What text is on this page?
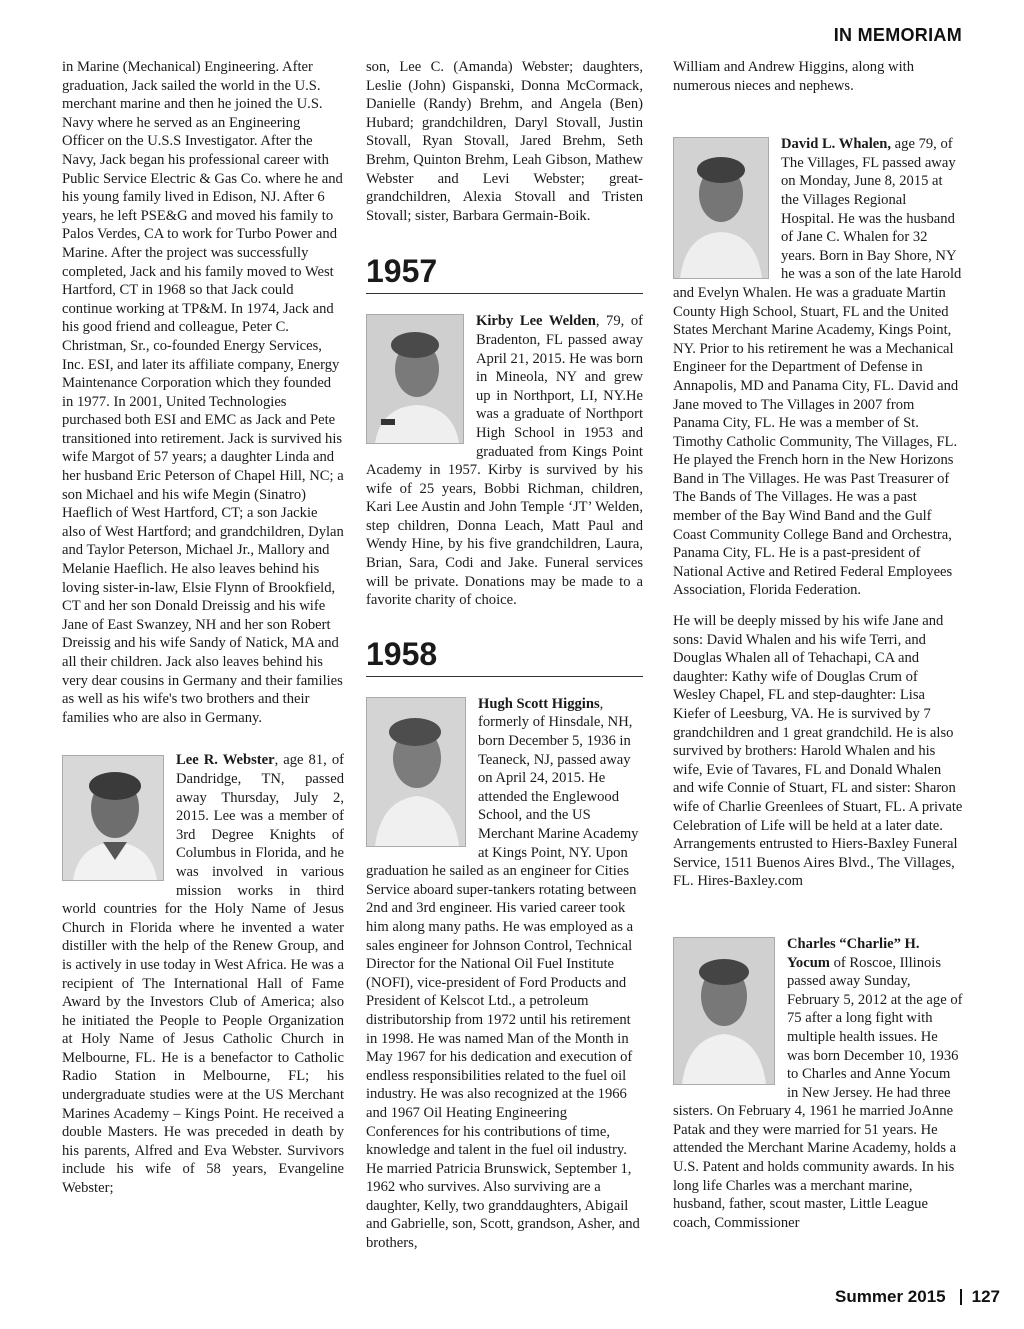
IN MEMORIAM

in Marine (Mechanical) Engineering. After graduation, Jack sailed the world in the U.S. merchant marine and then he joined the U.S. Navy where he served as an Engineering Officer on the U.S.S Investigator. After the Navy, Jack began his professional career with Public Service Electric & Gas Co. where he and his young family lived in Edison, NJ. After 6 years, he left PSE&G and moved his family to Palos Verdes, CA to work for Turbo Power and Marine. After the project was successfully completed, Jack and his family moved to West Hartford, CT in 1968 so that Jack could continue working at TP&M. In 1974, Jack and his good friend and colleague, Peter C. Christman, Sr., co-founded Energy Services, Inc. ESI, and later its affiliate company, Energy Maintenance Corporation which they founded in 1977. In 2001, United Technologies purchased both ESI and EMC as Jack and Pete transitioned into retirement. Jack is survived his wife Margot of 57 years; a daughter Linda and her husband Eric Peterson of Chapel Hill, NC; a son Michael and his wife Megin (Sinatro) Haeflich of West Hartford, CT; a son Jackie also of West Hartford; and grandchildren, Dylan and Taylor Peterson, Michael Jr., Mallory and Melanie Haeflich. He also leaves behind his loving sister-in-law, Elsie Flynn of Brookfield, CT and her son Donald Dreissig and his wife Jane of East Swanzey, NH and her son Robert Dreissig and his wife Sandy of Natick, MA and all their children. Jack also leaves behind his very dear cousins in Germany and their families as well as his wife's two brothers and their families who are also in Germany.

Lee R. Webster, age 81, of Dandridge, TN, passed away Thursday, July 2, 2015. Lee was a member of 3rd Degree Knights of Columbus in Florida, and he was involved in various mission works in third world countries for the Holy Name of Jesus Church in Florida where he invented a water distiller with the help of the Renew Group, and is actively in use today in West Africa. He was a recipient of The International Hall of Fame Award by the Investors Club of America; also he initiated the People to People Organization at Holy Name of Jesus Catholic Church in Melbourne, FL. He is a benefactor to Catholic Radio Station in Melbourne, FL; his undergraduate studies were at the US Merchant Marines Academy – Kings Point. He received a double Masters. He was preceded in death by his parents, Alfred and Eva Webster. Survivors include his wife of 58 years, Evangeline Webster;

son, Lee C. (Amanda) Webster; daughters, Leslie (John) Gispanski, Donna McCormack, Danielle (Randy) Brehm, and Angela (Ben) Hubard; grandchildren, Daryl Stovall, Justin Stovall, Ryan Stovall, Jared Brehm, Seth Brehm, Quinton Brehm, Leah Gibson, Mathew Webster and Levi Webster; great-grandchildren, Alexia Stovall and Tristen Stovall; sister, Barbara Germain-Boik.

1957
Kirby Lee Welden, 79, of Bradenton, FL passed away April 21, 2015. He was born in Mineola, NY and grew up in Northport, LI, NY.He was a graduate of Northport High School in 1953 and graduated from Kings Point Academy in 1957. Kirby is survived by his wife of 25 years, Bobbi Richman, children, Kari Lee Austin and John Temple ‘JT’ Welden, step children, Donna Leach, Matt Paul and Wendy Hine, by his five grandchildren, Laura, Brian, Sara, Codi and Jake. Funeral services will be private. Donations may be made to a favorite charity of choice.
1958
Hugh Scott Higgins, formerly of Hinsdale, NH, born December 5, 1936 in Teaneck, NJ, passed away on April 24, 2015. He attended the Englewood School, and the US Merchant Marine Academy at Kings Point, NY. Upon graduation he sailed as an engineer for Cities Service aboard super-tankers rotating between 2nd and 3rd engineer. His varied career took him along many paths. He was employed as a sales engineer for Johnson Control, Technical Director for the National Oil Fuel Institute (NOFI), vice-president of Ford Products and President of Kelscot Ltd., a petroleum distributorship from 1972 until his retirement in 1998. He was named Man of the Month in May 1967 for his dedication and execution of endless responsibilities related to the fuel oil industry. He was also recognized at the 1966 and 1967 Oil Heating Engineering Conferences for his contributions of time, knowledge and talent in the fuel oil industry. He married Patricia Brunswick, September 1, 1962 who survives. Also surviving are a daughter, Kelly, two granddaughters, Abigail and Gabrielle, son, Scott, grandson, Asher, and brothers,

William and Andrew Higgins, along with numerous nieces and nephews.

David L. Whalen, age 79, of The Villages, FL passed away on Monday, June 8, 2015 at the Villages Regional Hospital. He was the husband of Jane C. Whalen for 32 years. Born in Bay Shore, NY he was a son of the late Harold and Evelyn Whalen. He was a graduate Martin County High School, Stuart, FL and the United States Merchant Marine Academy, Kings Point, NY. Prior to his retirement he was a Mechanical Engineer for the Department of Defense in Annapolis, MD and Panama City, FL. David and Jane moved to The Villages in 2007 from Panama City, FL. He was a member of St. Timothy Catholic Community, The Villages, FL. He played the French horn in the New Horizons Band in The Villages. He was Past Treasurer of The Bands of The Villages. He was a past member of the Bay Wind Band and the Gulf Coast Community College Band and Orchestra, Panama City, FL. He is a past-president of National Active and Retired Federal Employees Association, Florida Federation.

He will be deeply missed by his wife Jane and sons: David Whalen and his wife Terri, and Douglas Whalen all of Tehachapi, CA and daughter: Kathy wife of Douglas Crum of Wesley Chapel, FL and step-daughter: Lisa Kiefer of Leesburg, VA. He is survived by 7 grandchildren and 1 great grandchild. He is also survived by brothers: Harold Whalen and his wife, Evie of Tavares, FL and Donald Whalen and wife Connie of Stuart, FL and sister: Sharon wife of Charlie Greenlees of Stuart, FL. A private Celebration of Life will be held at a later date. Arrangements entrusted to Hiers-Baxley Funeral Service, 1511 Buenos Aires Blvd., The Villages, FL. Hires-Baxley.com

Charles “Charlie” H. Yocum of Roscoe, Illinois passed away Sunday, February 5, 2012 at the age of 75 after a long fight with multiple health issues. He was born December 10, 1936 to Charles and Anne Yocum in New Jersey. He had three sisters. On February 4, 1961 he married JoAnne Patak and they were married for 51 years. He attended the Merchant Marine Academy, holds a U.S. Patent and holds community awards. In his long life Charles was a merchant marine, husband, father, scout master, Little League coach, Commissioner
Summer 2015 127
